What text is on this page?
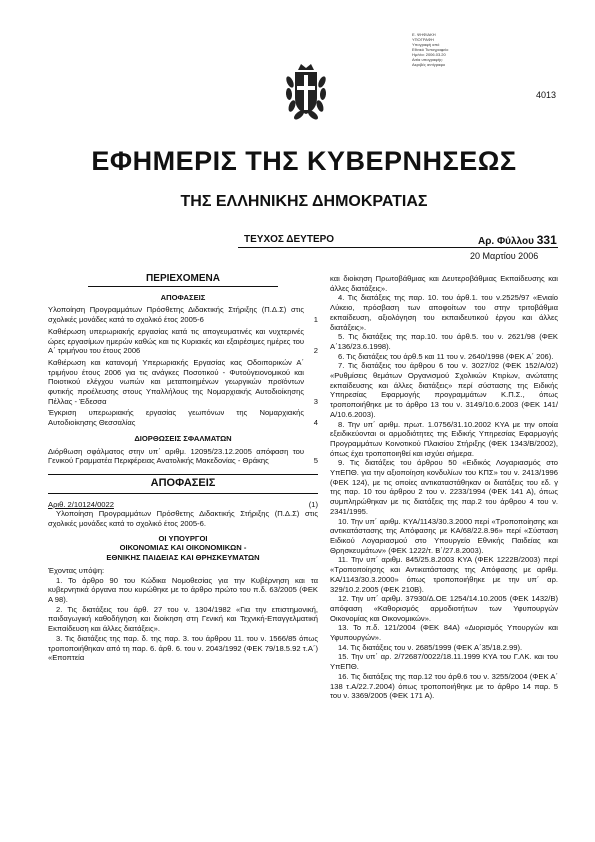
Ε. ΨΗΦΙΑΚΗ
ΥΠΟΓΡΑΦΗ
Υπογραφή από
Εθνικό Τυπογραφείο
Ημ/νία: 2006.03.20
Αιτία υπογραφής:
Ακριβές αντίγραφο
4013
ΕΦΗΜΕΡΙΣ ΤΗΣ ΚΥΒΕΡΝΗΣΕΩΣ
ΤΗΣ ΕΛΛΗΝΙΚΗΣ ΔΗΜΟΚΡΑΤΙΑΣ
ΤΕΥΧΟΣ ΔΕΥΤΕΡΟ	Αρ. Φύλλου 331
20 Μαρτίου 2006
ΠΕΡΙΕΧΟΜΕΝΑ
ΑΠΟΦΑΣΕΙΣ
Υλοποίηση Προγραμμάτων Πρόσθετης Διδακτικής Στήριξης (Π.Δ.Σ) στις σχολικές μονάδες κατά το σχολικό έτος 2005-6	1
Καθιέρωση υπερωριακής εργασίας κατά τις απογευματινές και νυχτερινές ώρες εργασίμων ημερών καθώς και τις Κυριακές και εξαιρέσιμες ημέρες του Α΄ τριμήνου του έτους 2006	2
Καθιέρωση και κατανομή Υπερωριακής Εργασίας κας Οδοιπορικών Α΄ τριμήνου έτους 2006 για τις ανάγκες Ποσοτικού - Φυτούγειονομικού και Ποιοτικού ελέγχου νωπών και μεταποιημένων γεωργικών προϊόντων φυτικής προέλευσης στους Υπαλλήλους της Νομαρχιακής Αυτοδιοίκησης Πέλλας - Έδεσσα	3
Έγκριση υπερωριακής εργασίας γεωπόνων της Νομαρχιακής Αυτοδιοίκησης Θεσσαλίας	4
ΔΙΟΡΘΩΣΕΙΣ ΣΦΑΛΜΑΤΩΝ
Διόρθωση σφάλματος στην υπ΄ αριθμ. 12095/23.12.2005 απόφαση του Γενικού Γραμματέα Περιφέρειας Ανατολικής Μακεδονίας - Θράκης	5
ΑΠΟΦΑΣΕΙΣ
Αριθ. 2/10124/0022	(1)

Υλοποίηση Προγραμμάτων Πρόσθετης Διδακτικής Στήριξης (Π.Δ.Σ) στις σχολικές μονάδες κατά το σχολικό έτος 2005-6.

ΟΙ ΥΠΟΥΡΓΟΙ
ΟΙΚΟΝΟΜΙΑΣ ΚΑΙ ΟΙΚΟΝΟΜΙΚΩΝ -
ΕΘΝΙΚΗΣ ΠΑΙΔΕΙΑΣ ΚΑΙ ΘΡΗΣΚΕΥΜΑΤΩΝ

Έχοντας υπόψη:

1. Το άρθρο 90 του Κώδικα Νομοθεσίας για την Κυβέρνηση και τα κυβερνητικά όργανα που κυρώθηκε με το άρθρο πρώτο του π.δ. 63/2005 (ΦΕΚ Α 98).

2. Τις διατάξεις του άρθ. 27 του ν. 1304/1982 «Για την επιστημονική, παιδαγωγική καθοδήγηση και διοίκηση στη Γενική και Τεχνική-Επαγγελματική Εκπαίδευση και άλλες διατάξεις».

3. Τις διατάξεις της παρ. δ. της παρ. 3. του άρθρου 11. του ν. 1566/85 όπως τροποποιήθηκαν από τη παρ. 6. άρθ. 6. του ν. 2043/1992 (ΦΕΚ 79/18.5.92 τ.Α΄) «Εποπτεία

και διοίκηση Πρωτοβάθμιας και Δευτεροβάθμιας Εκπαίδευσης και άλλες διατάξεις».

4. Τις διατάξεις της παρ. 10. του άρθ.1. του ν.2525/97 «Ενιαίο Λύκειο, πρόσβαση των αποφοίτων του στην τριτοβάθμια εκπαίδευση, αξιολόγηση του εκπαιδευτικού έργου και άλλες διατάξεις».

5. Τις διατάξεις της παρ.10. του άρθ.5. του ν. 2621/98 (ΦΕΚ Α΄136/23.6.1998).

6. Τις διατάξεις του άρθ.5 και 11 του ν. 2640/1998 (ΦΕΚ Α΄ 206).

7. Τις διατάξεις του άρθρου 6 του ν. 3027/02 (ΦΕΚ 152/Α/02) «Ρυθμίσεις θεμάτων Οργανισμού Σχολικών Κτιρίων, ανώτατης εκπαίδευσης και άλλες διατάξεις» περί σύστασης της Ειδικής Υπηρεσίας Εφαρμογής προγραμμάτων Κ.Π.Σ., όπως τροποποιήθηκε με το άρθρο 13 του ν. 3149/10.6.2003 (ΦΕΚ 141/Α/10.6.2003).

8. Την υπ΄ αριθμ. πρωτ. 1.0756/31.10.2002 ΚΥΑ με την οποία εξειδικεύονται οι αρμοδιότητες της Ειδικής Υπηρεσίας Εφαρμογής Προγραμμάτων Κοινοτικού Πλαισίου Στήριξης (ΦΕΚ 1343/Β/2002), όπως έχει τροποποιηθεί και ισχύει σήμερα.

9. Τις διατάξεις του άρθρου 50 «Ειδικός Λογαριασμός στο ΥπΕΠΘ. για την αξιοποίηση κονδυλίων του ΚΠΣ» του ν. 2413/1996 (ΦΕΚ 124), με τις οποίες αντικαταστάθηκαν οι διατάξεις του εδ. γ της παρ. 10 του άρθρου 2 του ν. 2233/1994 (ΦΕΚ 141 Α), όπως συμπληρώθηκαν με τις διατάξεις της παρ.2 του άρθρου 4 του ν. 2341/1995.

10. Την υπ΄ αριθμ. ΚΥΑ/1143/30.3.2000 περί «Τροποποίησης και αντικατάστασης της Απόφασης με ΚΑ/68/22.8.96» περί «Σύσταση Ειδικού Λογαριασμού στο Υπουργείο Εθνικής Παιδείας και Θρησκευμάτων» (ΦΕΚ 1222/τ. Β΄/27.8.2003).

11. Την υπ΄ αριθμ. 845/25.8.2003 ΚΥΑ (ΦΕΚ 1222Β/2003) περί «Τροποποίησης και Αντικατάστασης της Απόφασης με αριθμ. ΚΑ/1143/30.3.2000» όπως τροποποιήθηκε με την υπ΄ αρ. 329/10.2.2005 (ΦΕΚ 210Β).

12. Την υπ΄ αριθμ. 37930/Δ.ΟΕ 1254/14.10.2005 (ΦΕΚ 1432/Β) απόφαση «Καθορισμός αρμοδιοτήτων των Υφυπουργών Οικονομίας και Οικονομικών».

13. Το π.δ. 121/2004 (ΦΕΚ 84Α) «Διορισμός Υπουργών και Υφυπουργών».

14. Τις διατάξεις του ν. 2685/1999 (ΦΕΚ Α΄35/18.2.99).

15. Την υπ΄ αρ. 2/72687/0022/18.11.1999 ΚΥΑ του Γ.ΛΚ. και του ΥπΕΠΘ.

16. Τις διατάξεις της παρ.12 του άρθ.6 του ν. 3255/2004 (ΦΕΚ Α΄ 138 τ.Α/22.7.2004) όπως τροποποιήθηκε με το άρθρο 14 παρ. 5 του ν. 3369/2005 (ΦΕΚ 171 Α).
